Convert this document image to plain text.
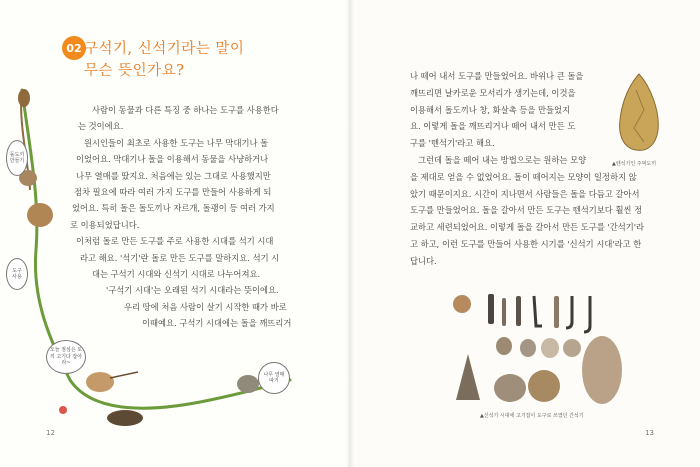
02 구석기, 신석기라는 말이
무슨 뜻인가요?
돌도끼 만들기
도구 사용
오늘 점심은 토끼 고기다 잡아라~
나무 열매 따기
사람이 동물과 다른 특징 중 하나는 도구를 사용한다
는 것이에요.
원시인들이 최초로 사용한 도구는 나무 막대기나 돌
이었어요. 막대기나 돌을 이용해서 동물을 사냥하거나
나무 열매를 땄지요. 처음에는 있는 그대로 사용했지만
점차 필요에 따라 여러 가지 도구를 만들어 사용하게 되
었어요. 특히 돌은 돌도끼나 자르개, 돌괭이 등 여러 가지
로 이용되었답니다.
이처럼 돌로 만든 도구를 주로 사용한 시대를 석기 시대
라고 해요. '석기'란 돌로 만든 도구를 말하지요. 석기 시
대는 구석기 시대와 신석기 시대로 나누어져요.
'구석기 시대'는 오래된 석기 시대라는 뜻이에요.
우리 땅에 처음 사람이 살기 시작한 때가 바로
이때예요. 구석기 시대에는 돌을 깨뜨리거
12
▲뗀석기인 주먹도끼
나 떼어 내서 도구를 만들었어요. 바위나 큰 돌을
깨뜨리면 날카로운 모서리가 생기는데, 이것을
이용해서 돌도끼나 창, 화살촉 등을 만들었지
요. 이렇게 돌을 깨뜨리거나 떼어 내서 만든 도
구를 '뗀석기'라고 해요.
그런데 돌을 떼어 내는 방법으로는 원하는 모양
을 제대로 얻을 수 없었어요. 돌이 떼어지는 모양이 일정하지 않
았기 때문이지요. 시간이 지나면서 사람들은 돌을 다듬고 갈아서
도구를 만들었어요. 돌을 갈아서 만든 도구는 뗀석기보다 훨씬 정
교하고 세련되었어요. 이렇게 돌을 갈아서 만든 도구를 '간석기'라
고 하고, 이런 도구를 만들어 사용한 시기를 '신석기 시대'라고 한
답니다.
▲신석기 시대에 고기잡이 도구로 쓰였던 간석기
13
